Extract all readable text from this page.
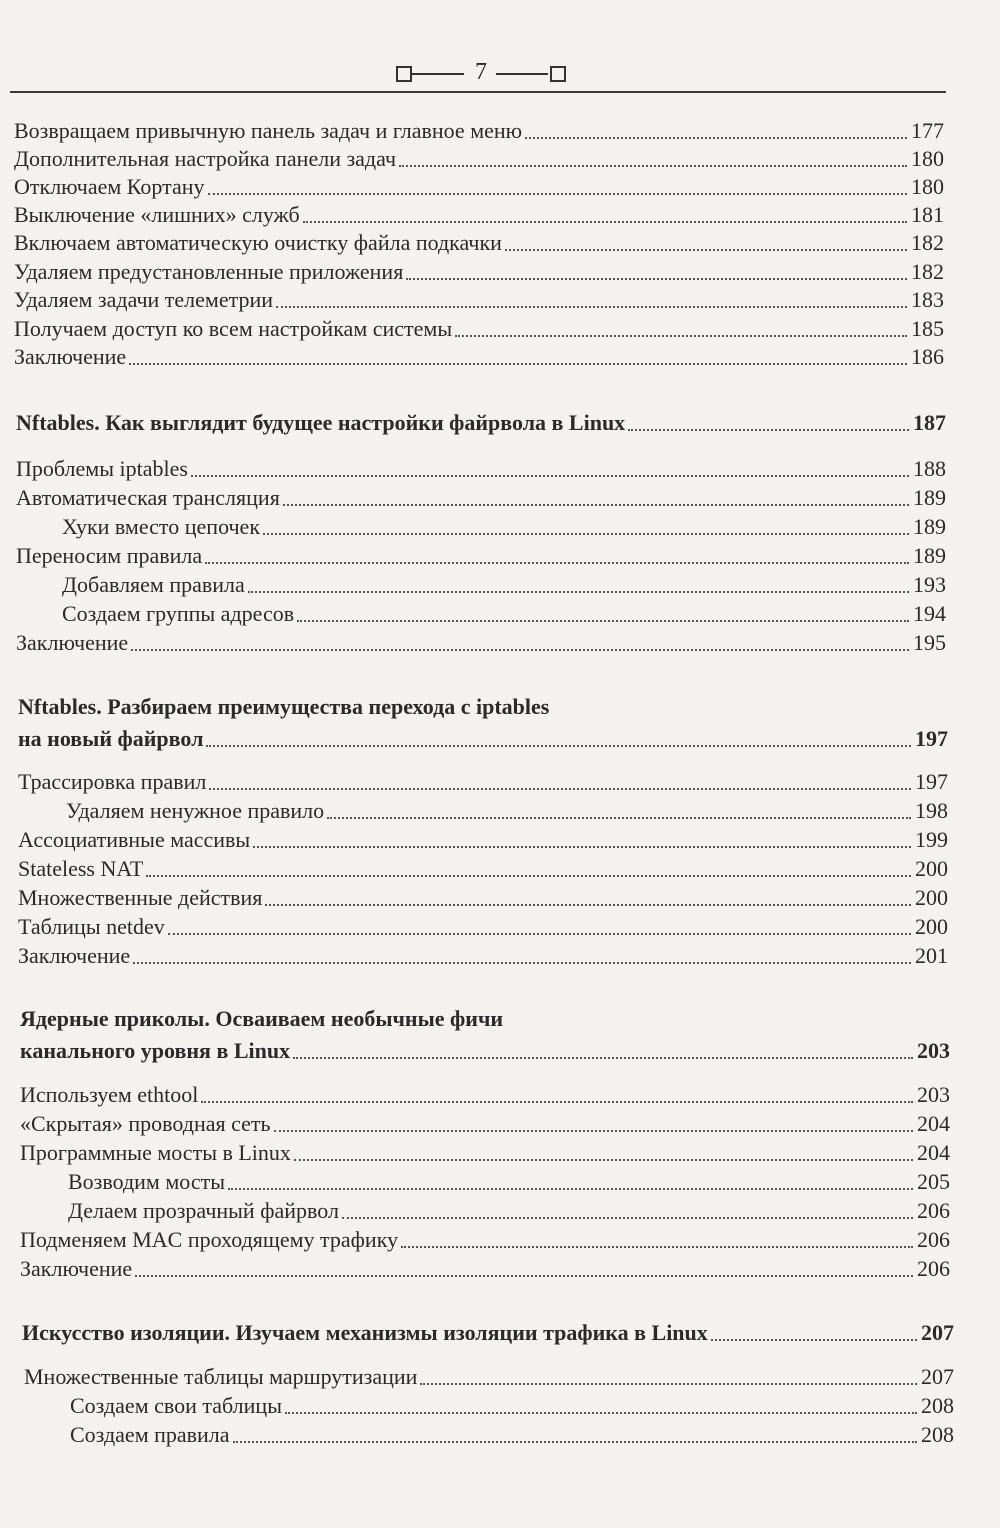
7
Возвращаем привычную панель задач и главное меню	177
Дополнительная настройка панели задач	180
Отключаем Кортану	180
Выключение «лишних» служб	181
Включаем автоматическую очистку файла подкачки	182
Удаляем предустановленные приложения	182
Удаляем задачи телеметрии	183
Получаем доступ ко всем настройкам системы	185
Заключение	186
Nftables. Как выглядит будущее настройки файрвола в Linux	187
Проблемы iptables	188
Автоматическая трансляция	189
Хуки вместо цепочек	189
Переносим правила	189
Добавляем правила	193
Создаем группы адресов	194
Заключение	195
Nftables. Разбираем преимущества перехода с iptables
на новый файрвол	197
Трассировка правил	197
Удаляем ненужное правило	198
Ассоциативные массивы	199
Stateless NAT	200
Множественные действия	200
Таблицы netdev	200
Заключение	201
Ядерные приколы. Осваиваем необычные фичи
канального уровня в Linux	203
Используем ethtool	203
«Скрытая» проводная сеть	204
Программные мосты в Linux	204
Возводим мосты	205
Делаем прозрачный файрвол	206
Подменяем MAC проходящему трафику	206
Заключение	206
Искусство изоляции. Изучаем механизмы изоляции трафика в Linux	207
Множественные таблицы маршрутизации	207
Создаем свои таблицы	208
Создаем правила	208
